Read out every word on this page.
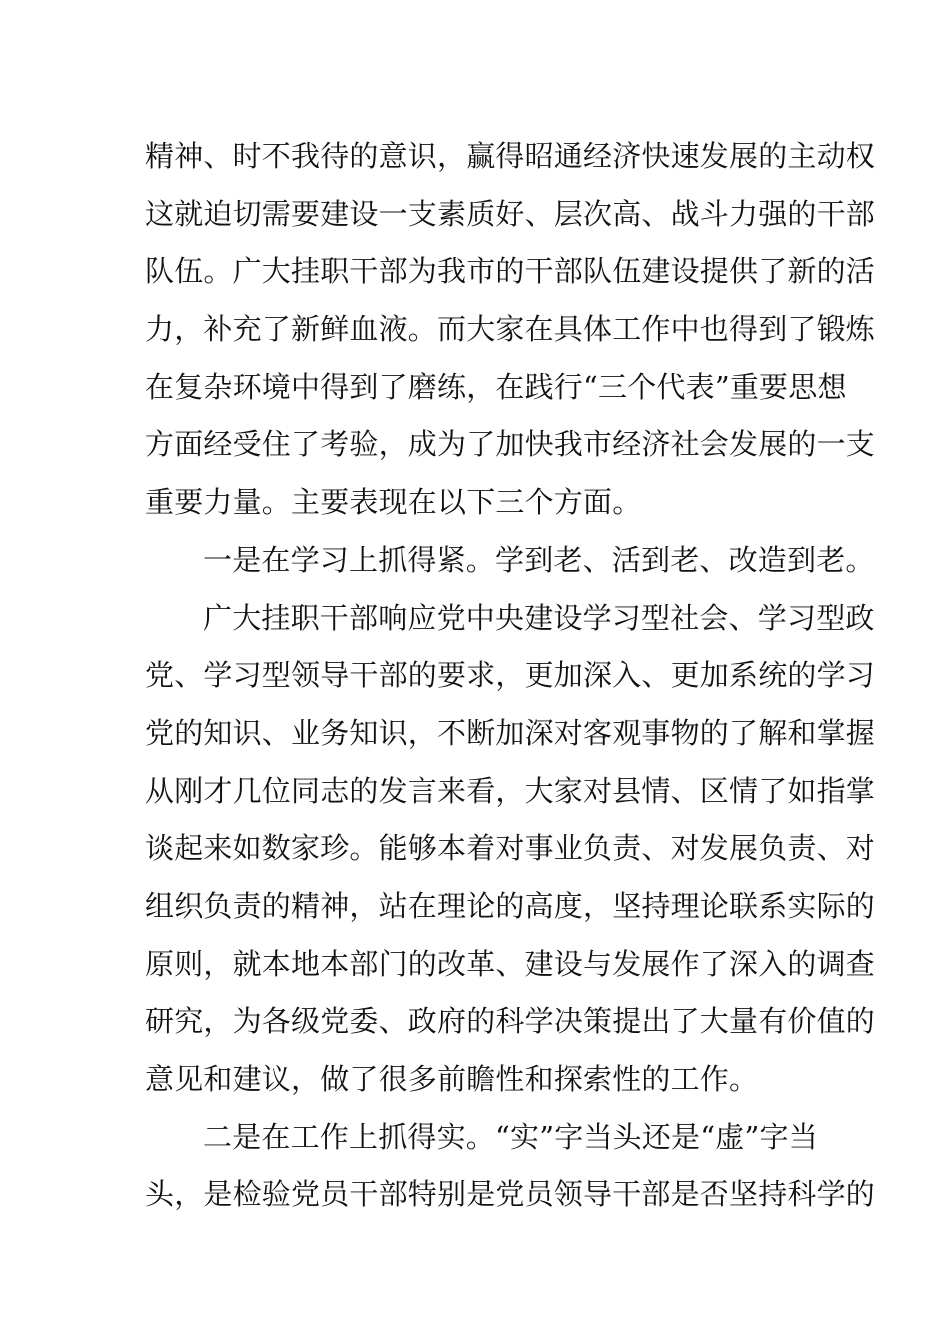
精神、时不我待的意识，赢得昭通经济快速发展的主动权
这就迫切需要建设一支素质好、层次高、战斗力强的干部
队伍。广大挂职干部为我市的干部队伍建设提供了新的活
力，补充了新鲜血液。而大家在具体工作中也得到了锻炼
在复杂环境中得到了磨练，在践行“三个代表”重要思想
方面经受住了考验，成为了加快我市经济社会发展的一支
重要力量。主要表现在以下三个方面。
一是在学习上抓得紧。学到老、活到老、改造到老。
广大挂职干部响应党中央建设学习型社会、学习型政
党、学习型领导干部的要求，更加深入、更加系统的学习
党的知识、业务知识，不断加深对客观事物的了解和掌握
从刚才几位同志的发言来看，大家对县情、区情了如指掌
谈起来如数家珍。能够本着对事业负责、对发展负责、对
组织负责的精神，站在理论的高度，坚持理论联系实际的
原则，就本地本部门的改革、建设与发展作了深入的调查
研究，为各级党委、政府的科学决策提出了大量有价值的
意见和建议，做了很多前瞻性和探索性的工作。
二是在工作上抓得实。“实”字当头还是“虚”字当
头，是检验党员干部特别是党员领导干部是否坚持科学的
